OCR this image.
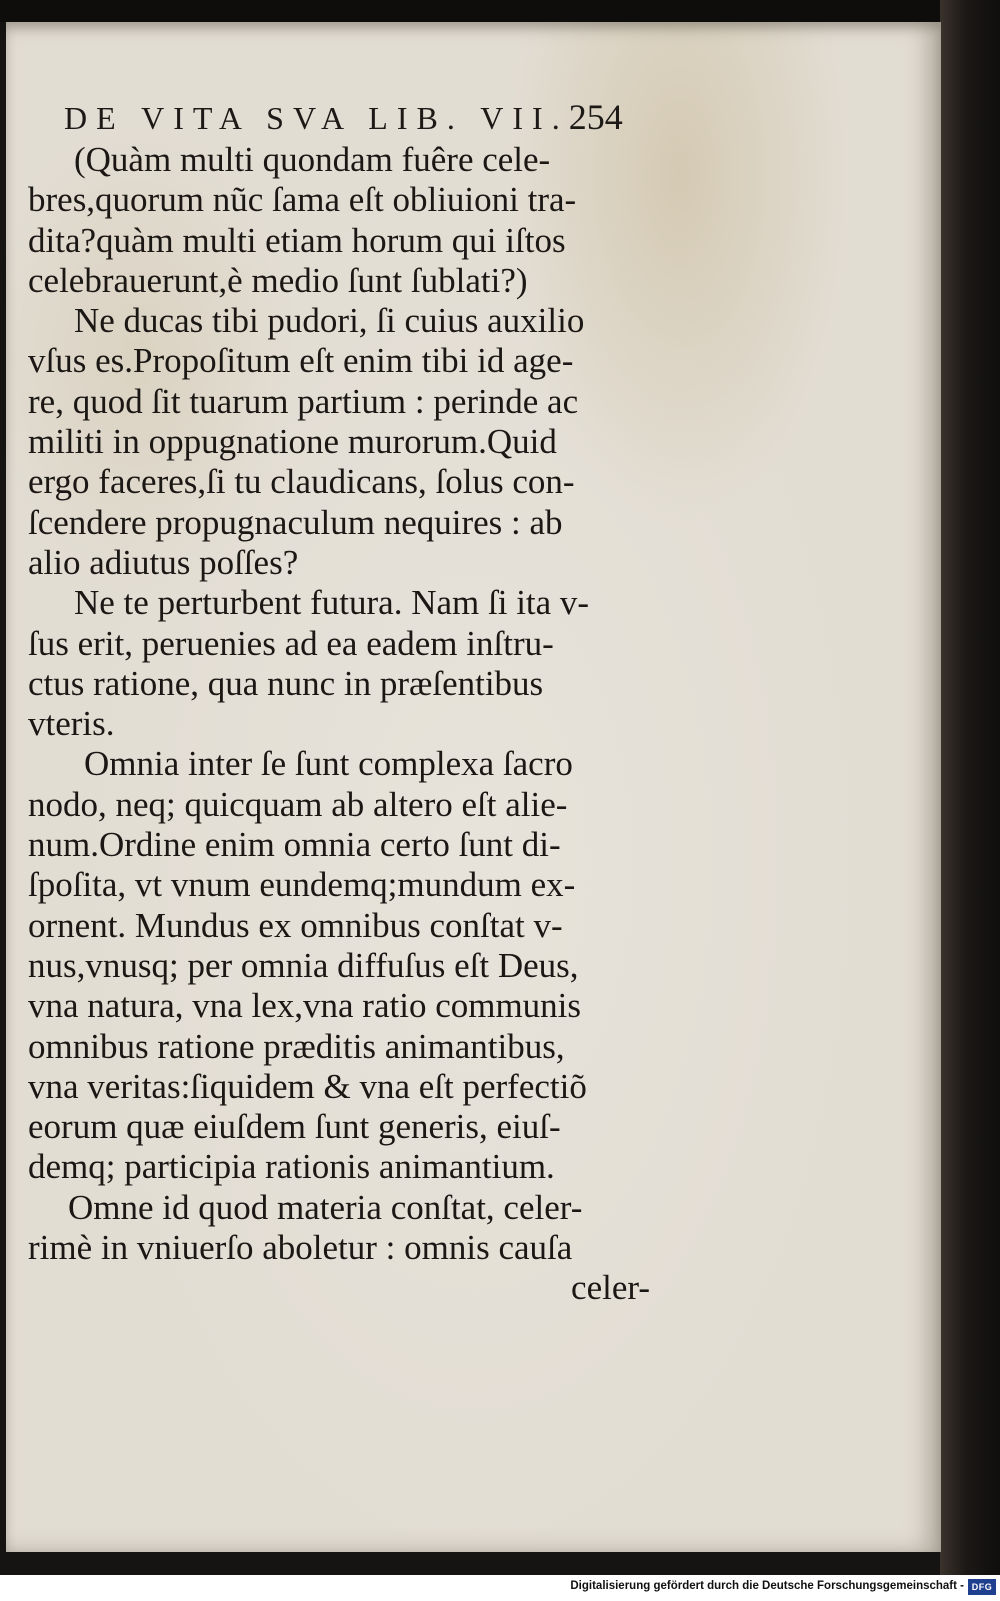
DE VITA SVA LIB. VII.254
(Quàm multi quondam fuêre cele-
bres,quorum nũc ſama eſt obliuioni tra-
dita?quàm multi etiam horum qui iſtos
celebrauerunt,è medio ſunt ſublati?)
Ne ducas tibi pudori, ſi cuius auxilio
vſus es.Propoſitum eſt enim tibi id age-
re, quod ſit tuarum partium : perinde ac
militi in oppugnatione murorum.Quid
ergo faceres,ſi tu claudicans, ſolus con-
ſcendere propugnaculum nequires : ab
alio adiutus poſſes?
Ne te perturbent futura. Nam ſi ita v-
ſus erit, peruenies ad ea eadem inſtru-
ctus ratione, qua nunc in præſentibus
vteris.
Omnia inter ſe ſunt complexa ſacro
nodo, neq; quicquam ab altero eſt alie-
num.Ordine enim omnia certo ſunt di-
ſpoſita, vt vnum eundemq;mundum ex-
ornent. Mundus ex omnibus conſtat v-
nus,vnusq; per omnia diffuſus eſt Deus,
vna natura, vna lex,vna ratio communis
omnibus ratione præditis animantibus,
vna veritas:ſiquidem & vna eſt perfectiõ
eorum quæ eiuſdem ſunt generis, eiuſ-
demq; participia rationis animantium.
Omne id quod materia conſtat, celer-
rimè in vniuerſo aboletur : omnis cauſa
celer-
Digitalisierung gefördert durch die Deutsche Forschungsgemeinschaft - DFG
